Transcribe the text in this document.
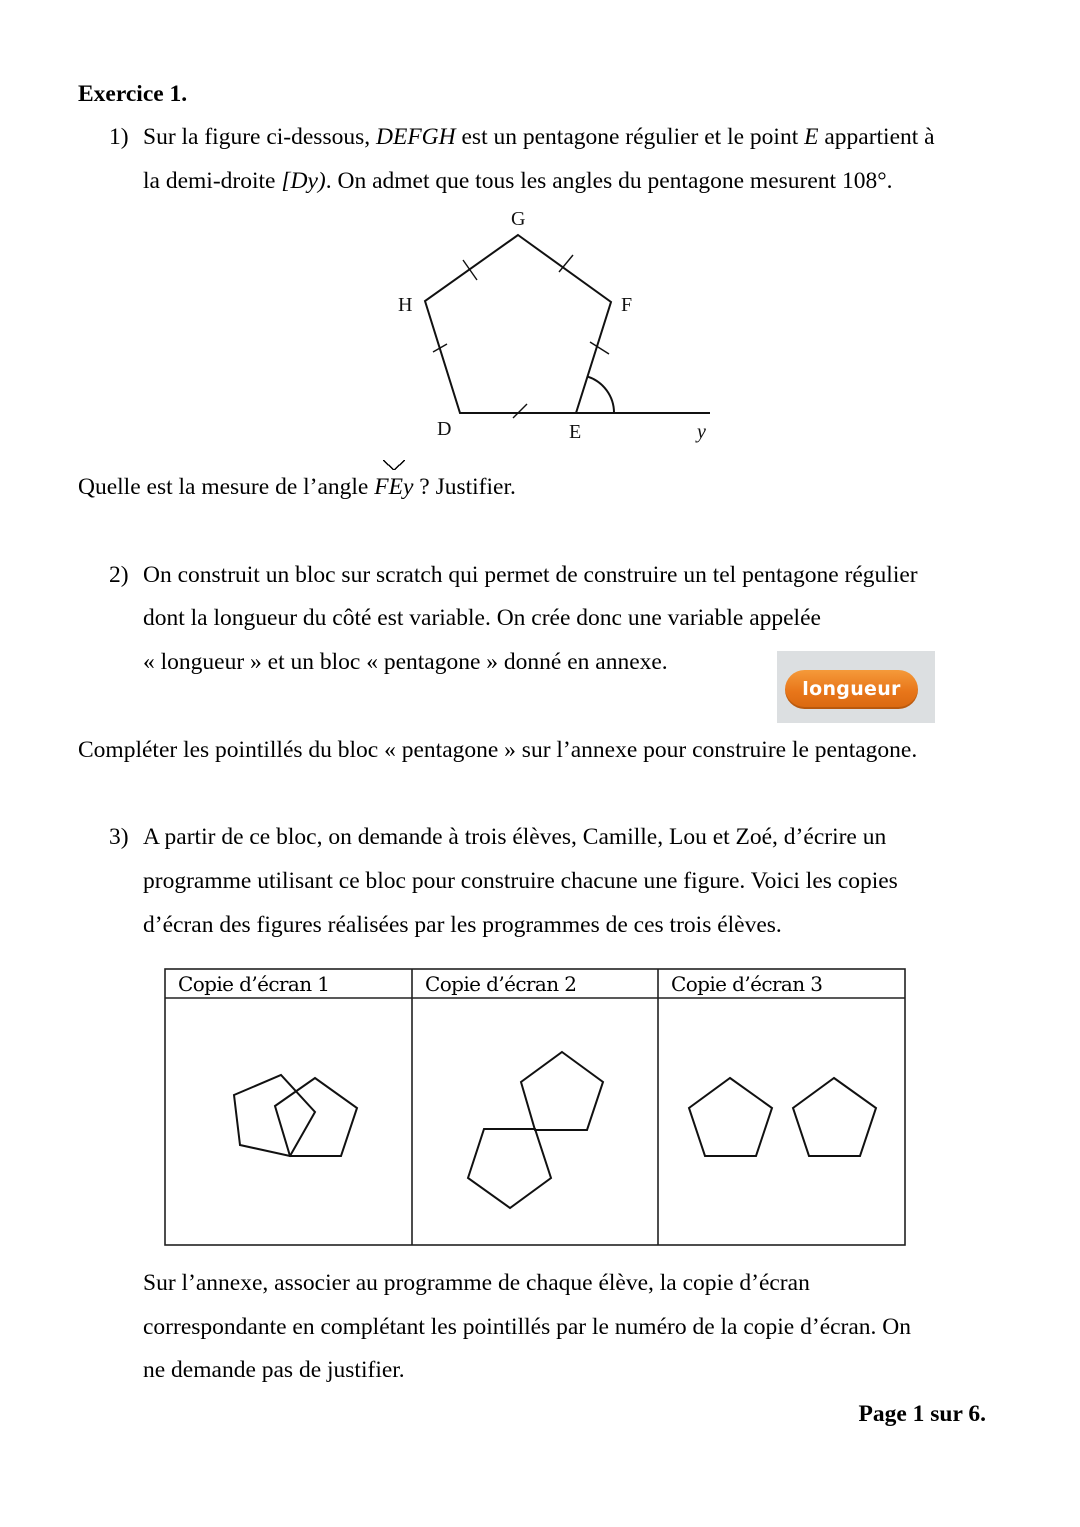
Exercice 1.
1) Sur la figure ci-dessous, DEFGH est un pentagone régulier et le point E appartient à
la demi-droite [Dy). On admet que tous les angles du pentagone mesurent 108°.
G
H	F
D	E	y
Quelle est la mesure de l’angle FEy ? Justifier.
2) On construit un bloc sur scratch qui permet de construire un tel pentagone régulier
dont la longueur du côté est variable. On crée donc une variable appelée
« longueur » et un bloc « pentagone » donné en annexe.
longueur
Compléter les pointillés du bloc « pentagone » sur l’annexe pour construire le pentagone.
3) A partir de ce bloc, on demande à trois élèves, Camille, Lou et Zoé, d’écrire un
programme utilisant ce bloc pour construire chacune une figure. Voici les copies
d’écran des figures réalisées par les programmes de ces trois élèves.
Copie d’écran 1	Copie d’écran 2	Copie d’écran 3
Sur l’annexe, associer au programme de chaque élève, la copie d’écran
correspondante en complétant les pointillés par le numéro de la copie d’écran. On
ne demande pas de justifier.
Page 1 sur 6.
